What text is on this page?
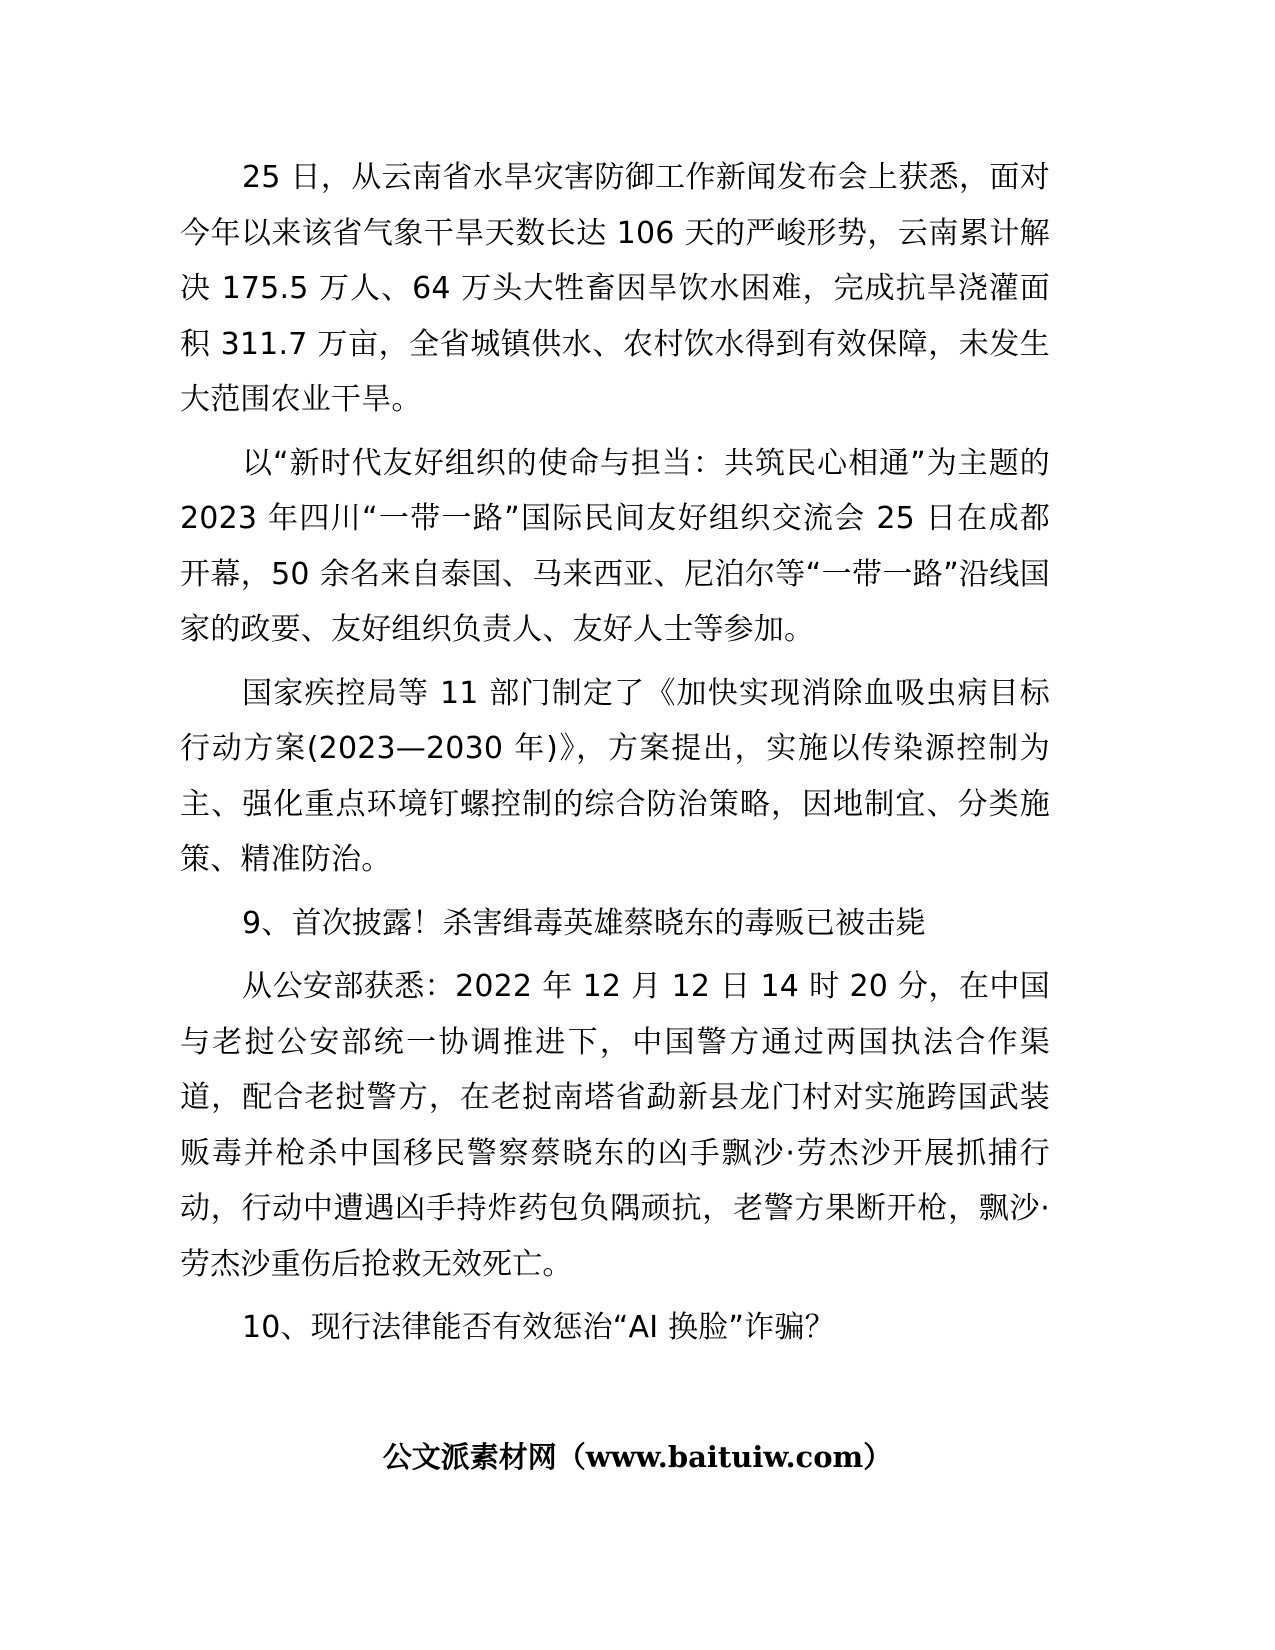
25 日，从云南省水旱灾害防御工作新闻发布会上获悉，面对今年以来该省气象干旱天数长达 106 天的严峻形势，云南累计解决 175.5 万人、64 万头大牲畜因旱饮水困难，完成抗旱浇灌面积 311.7 万亩，全省城镇供水、农村饮水得到有效保障，未发生大范围农业干旱。

以“新时代友好组织的使命与担当：共筑民心相通”为主题的 2023 年四川“一带一路”国际民间友好组织交流会 25 日在成都开幕，50 余名来自泰国、马来西亚、尼泊尔等“一带一路”沿线国家的政要、友好组织负责人、友好人士等参加。

国家疾控局等 11 部门制定了《加快实现消除血吸虫病目标行动方案(2023—2030 年)》，方案提出，实施以传染源控制为主、强化重点环境钉螺控制的综合防治策略，因地制宜、分类施策、精准防治。

9、首次披露！杀害缉毒英雄蔡晓东的毒贩已被击毙

从公安部获悉：2022 年 12 月 12 日 14 时 20 分，在中国与老挝公安部统一协调推进下，中国警方通过两国执法合作渠道，配合老挝警方，在老挝南塔省勐新县龙门村对实施跨国武装贩毒并枪杀中国移民警察蔡晓东的凶手飘沙·劳杰沙开展抓捕行动，行动中遭遇凶手持炸药包负隅顽抗，老警方果断开枪，飘沙·劳杰沙重伤后抢救无效死亡。

10、现行法律能否有效惩治“AI 换脸”诈骗？

公文派素材网（www.baituiw.com）
